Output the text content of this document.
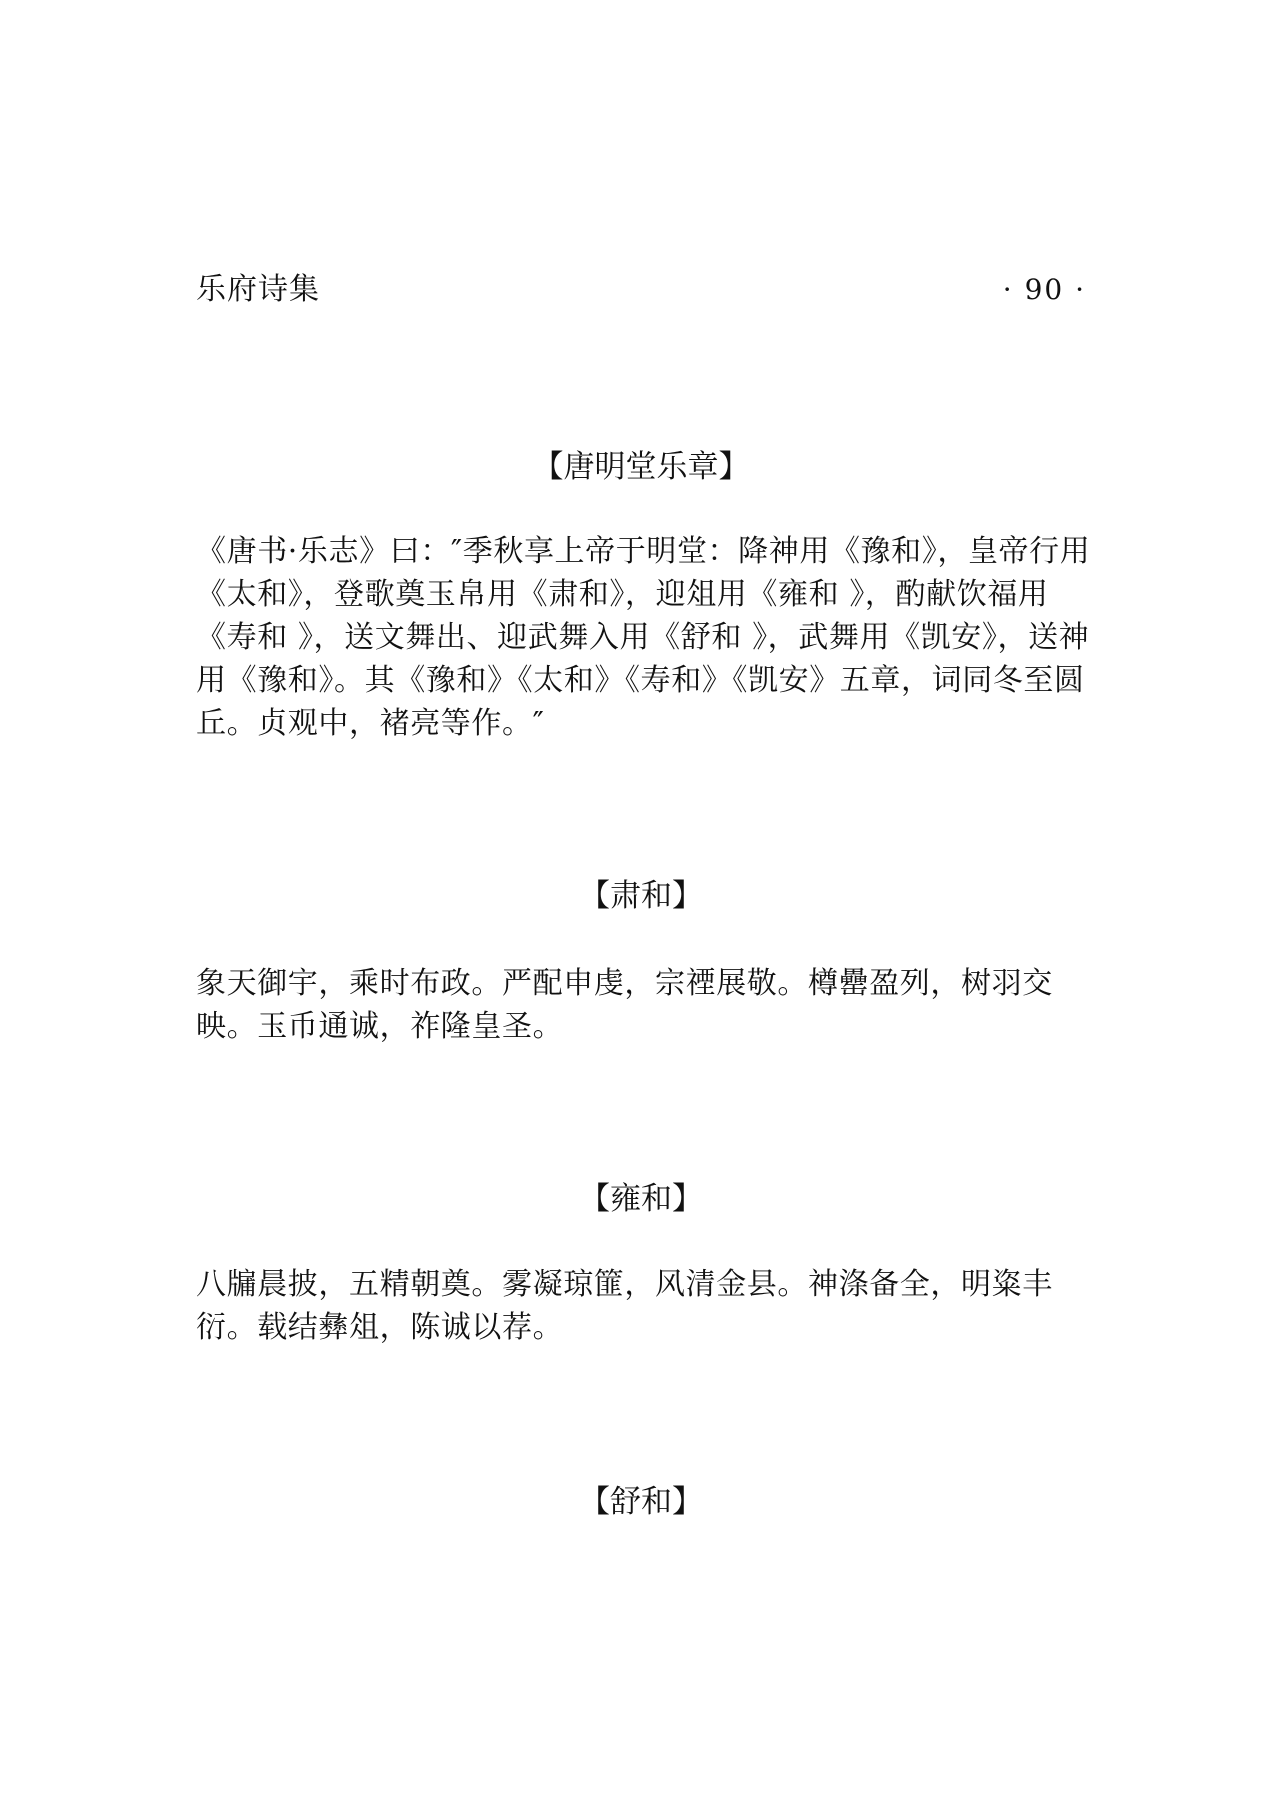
乐府诗集	· 90 ·
【唐明堂乐章】

《唐书·乐志》曰：″季秋享上帝于明堂：降神用《豫和》，皇帝行用《太和》，登歌奠玉帛用《肃和》，迎俎用《雍和 》，酌献饮福用《寿和 》，送文舞出、迎武舞入用《舒和 》，武舞用《凯安》，送神用《豫和》。其《豫和》《太和》《寿和》《凯安》五章，词同冬至圆丘。贞观中，褚亮等作。″

【肃和】

象天御宇，乘时布政。严配申虔，宗禋展敬。樽罍盈列，树羽交映。玉币通诚，祚隆皇圣。

【雍和】

八牖晨披，五精朝奠。雾凝琼篚，风清金县。神涤备全，明粢丰衍。载结彝俎，陈诚以荐。

【舒和】
